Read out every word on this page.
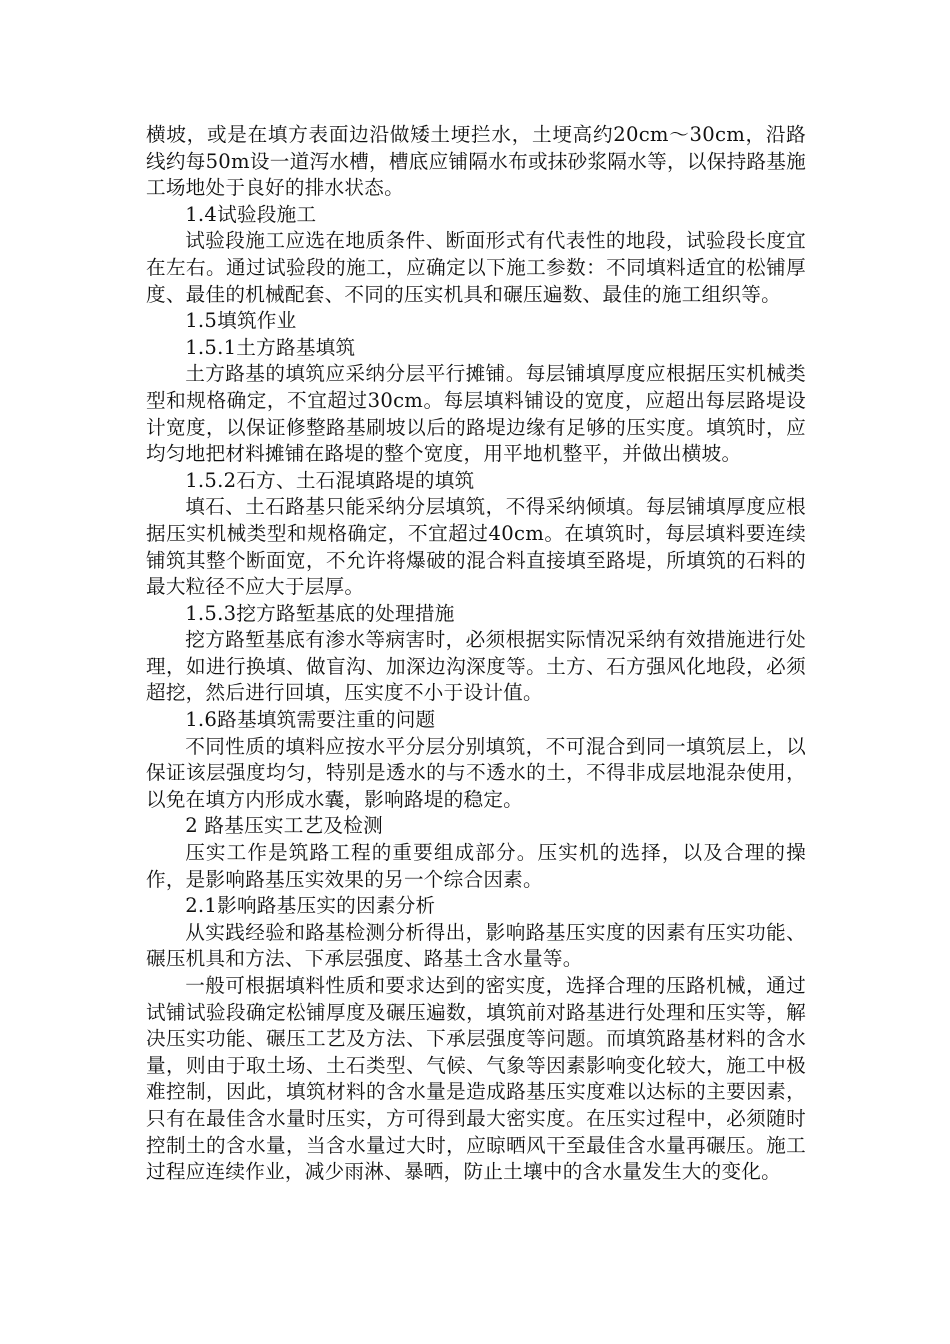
横坡，或是在填方表面边沿做矮土埂拦水，土埂高约20cm～30cm，沿路线约每50m设一道泻水槽，槽底应铺隔水布或抹砂浆隔水等，以保持路基施工场地处于良好的排水状态。

1.4试验段施工

试验段施工应选在地质条件、断面形式有代表性的地段，试验段长度宜在左右。通过试验段的施工，应确定以下施工参数：不同填料适宜的松铺厚度、最佳的机械配套、不同的压实机具和碾压遍数、最佳的施工组织等。

1.5填筑作业

1.5.1土方路基填筑

土方路基的填筑应采纳分层平行摊铺。每层铺填厚度应根据压实机械类型和规格确定，不宜超过30cm。每层填料铺设的宽度，应超出每层路堤设计宽度，以保证修整路基刷坡以后的路堤边缘有足够的压实度。填筑时，应均匀地把材料摊铺在路堤的整个宽度，用平地机整平，并做出横坡。

1.5.2石方、土石混填路堤的填筑

填石、土石路基只能采纳分层填筑，不得采纳倾填。每层铺填厚度应根据压实机械类型和规格确定，不宜超过40cm。在填筑时，每层填料要连续铺筑其整个断面宽，不允许将爆破的混合料直接填至路堤，所填筑的石料的最大粒径不应大于层厚。

1.5.3挖方路堑基底的处理措施

挖方路堑基底有渗水等病害时，必须根据实际情况采纳有效措施进行处理，如进行换填、做盲沟、加深边沟深度等。土方、石方强风化地段，必须超挖，然后进行回填，压实度不小于设计值。

1.6路基填筑需要注重的问题

不同性质的填料应按水平分层分别填筑，不可混合到同一填筑层上，以保证该层强度均匀，特别是透水的与不透水的土，不得非成层地混杂使用，以免在填方内形成水囊，影响路堤的稳定。

2 路基压实工艺及检测

压实工作是筑路工程的重要组成部分。压实机的选择，以及合理的操作，是影响路基压实效果的另一个综合因素。

2.1影响路基压实的因素分析

从实践经验和路基检测分析得出，影响路基压实度的因素有压实功能、碾压机具和方法、下承层强度、路基土含水量等。

一般可根据填料性质和要求达到的密实度，选择合理的压路机械，通过试铺试验段确定松铺厚度及碾压遍数，填筑前对路基进行处理和压实等，解决压实功能、碾压工艺及方法、下承层强度等问题。而填筑路基材料的含水量，则由于取土场、土石类型、气候、气象等因素影响变化较大，施工中极难控制，因此，填筑材料的含水量是造成路基压实度难以达标的主要因素，只有在最佳含水量时压实，方可得到最大密实度。在压实过程中，必须随时控制土的含水量，当含水量过大时，应晾晒风干至最佳含水量再碾压。施工过程应连续作业，减少雨淋、暴晒，防止土壤中的含水量发生大的变化。
